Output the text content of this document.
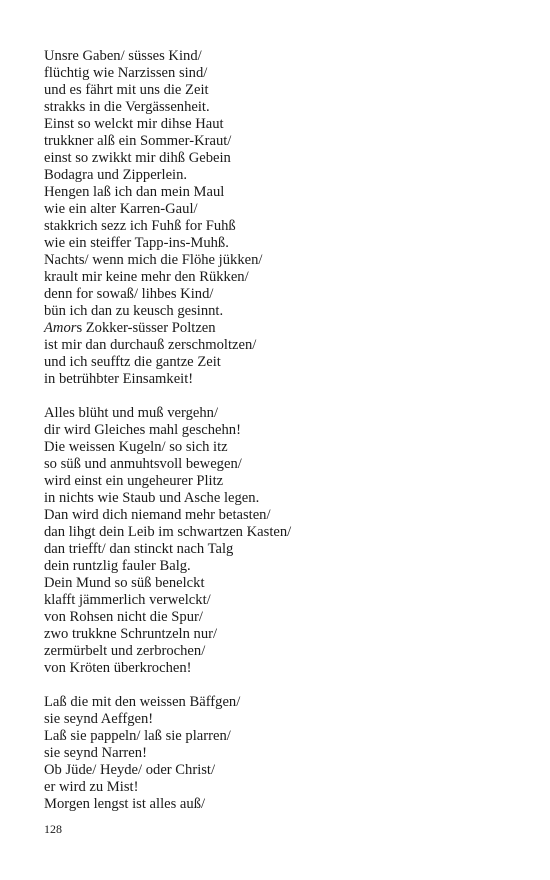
Unsre Gaben/ süsses Kind/
flüchtig wie Narzissen sind/
und es fährt mit uns die Zeit
strakks in die Vergässenheit.
Einst so welckt mir dihse Haut
trukkner alß ein Sommer-Kraut/
einst so zwikkt mir dihß Gebein
Bodagra und Zipperlein.
Hengen laß ich dan mein Maul
wie ein alter Karren-Gaul/
stakkrich sezz ich Fuhß for Fuhß
wie ein steiffer Tapp-ins-Muhß.
Nachts/ wenn mich die Flöhe jükken/
krault mir keine mehr den Rükken/
denn for sowaß/ lihbes Kind/
bün ich dan zu keusch gesinnt.
Amors Zokker-süsser Poltzen
ist mir dan durchauß zerschmoltzen/
und ich seufftz die gantze Zeit
in betrühbter Einsamkeit!
Alles blüht und muß vergehn/
dir wird Gleiches mahl geschehn!
Die weissen Kugeln/ so sich itz
so süß und anmuhtsvoll bewegen/
wird einst ein ungeheurer Plitz
in nichts wie Staub und Asche legen.
Dan wird dich niemand mehr betasten/
dan lihgt dein Leib im schwartzen Kasten/
dan triefft/ dan stinckt nach Talg
dein runtzlig fauler Balg.
Dein Mund so süß benelckt
klafft jämmerlich verwelckt/
von Rohsen nicht die Spur/
zwo trukkne Schruntzeln nur/
zermürbelt und zerbrochen/
von Kröten überkrochen!
Laß die mit den weissen Bäffgen/
sie seynd Aeffgen!
Laß sie pappeln/ laß sie plarren/
sie seynd Narren!
Ob Jüde/ Heyde/ oder Christ/
er wird zu Mist!
Morgen lengst ist alles auß/
128
